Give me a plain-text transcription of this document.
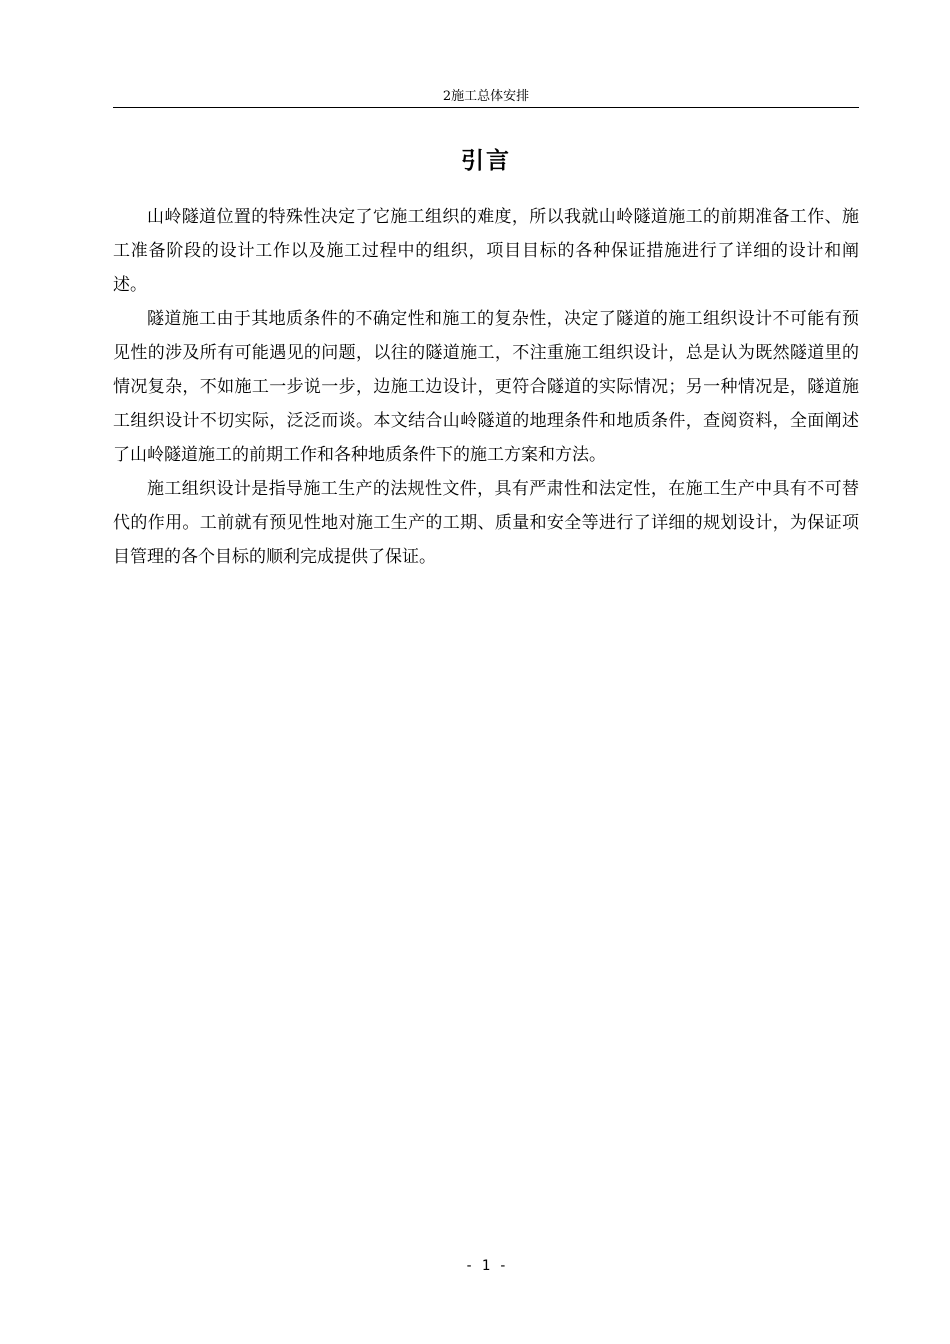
2施工总体安排
引言

山岭隧道位置的特殊性决定了它施工组织的难度，所以我就山岭隧道施工的前期准备工作、施工准备阶段的设计工作以及施工过程中的组织，项目目标的各种保证措施进行了详细的设计和阐述。

隧道施工由于其地质条件的不确定性和施工的复杂性，决定了隧道的施工组织设计不可能有预见性的涉及所有可能遇见的问题，以往的隧道施工，不注重施工组织设计，总是认为既然隧道里的情况复杂，不如施工一步说一步，边施工边设计，更符合隧道的实际情况；另一种情况是，隧道施工组织设计不切实际，泛泛而谈。本文结合山岭隧道的地理条件和地质条件，查阅资料，全面阐述了山岭隧道施工的前期工作和各种地质条件下的施工方案和方法。

施工组织设计是指导施工生产的法规性文件，具有严肃性和法定性，在施工生产中具有不可替代的作用。工前就有预见性地对施工生产的工期、质量和安全等进行了详细的规划设计，为保证项目管理的各个目标的顺利完成提供了保证。

- 1 -
